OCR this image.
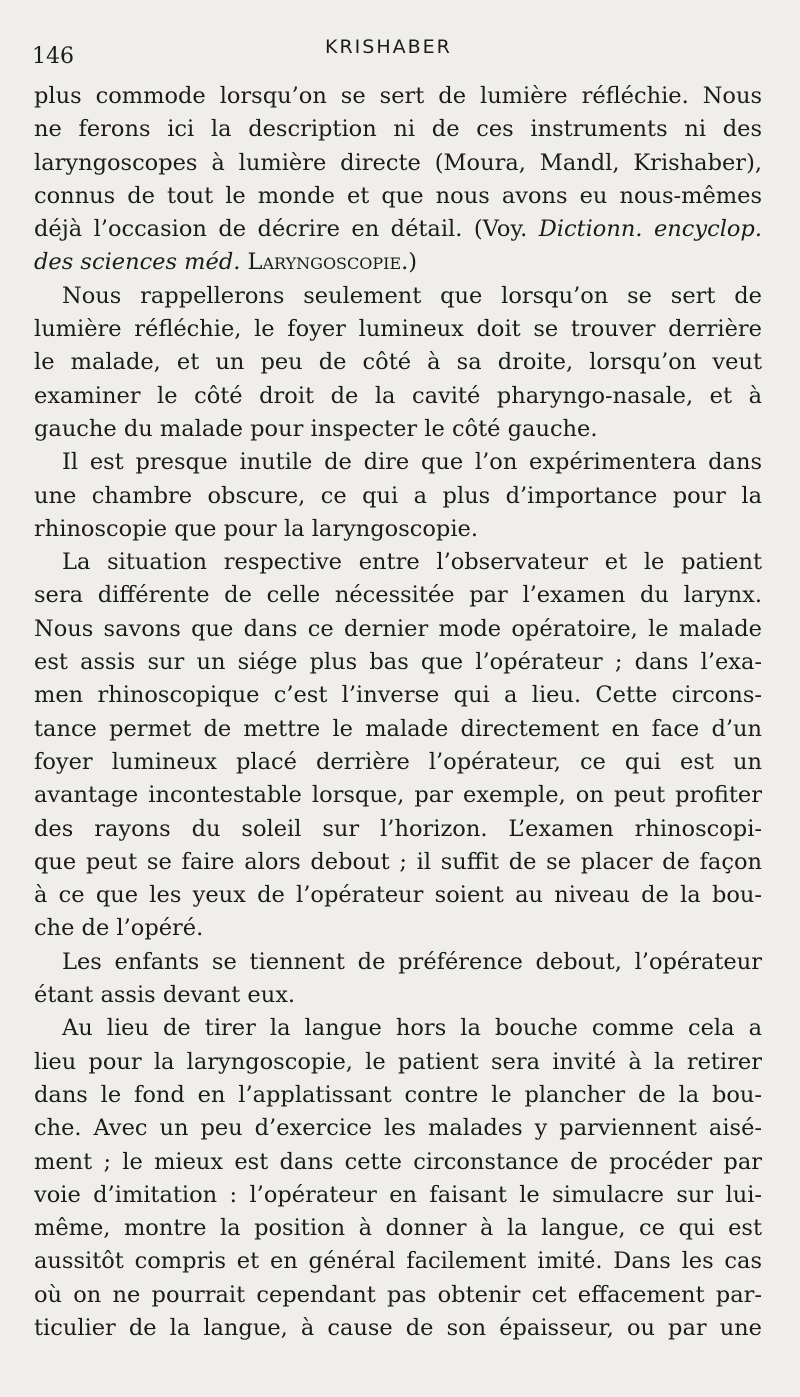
146	KRISHABER
plus commode lorsqu’on se sert de lumière réfléchie. Nous
ne ferons ici la description ni de ces instruments ni des
laryngoscopes à lumière directe (Moura, Mandl, Krishaber),
connus de tout le monde et que nous avons eu nous-mêmes
déjà l’occasion de décrire en détail. (Voy. Dictionn. encyclop.
des sciences méd. Laryngoscopie.)
Nous rappellerons seulement que lorsqu’on se sert de
lumière réfléchie, le foyer lumineux doit se trouver derrière
le malade, et un peu de côté à sa droite, lorsqu’on veut
examiner le côté droit de la cavité pharyngo-nasale, et à
gauche du malade pour inspecter le côté gauche.
Il est presque inutile de dire que l’on expérimentera dans
une chambre obscure, ce qui a plus d’importance pour la
rhinoscopie que pour la laryngoscopie.
La situation respective entre l’observateur et le patient
sera différente de celle nécessitée par l’examen du larynx.
Nous savons que dans ce dernier mode opératoire, le malade
est assis sur un siége plus bas que l’opérateur ; dans l’exa-
men rhinoscopique c’est l’inverse qui a lieu. Cette circons-
tance permet de mettre le malade directement en face d’un
foyer lumineux placé derrière l’opérateur, ce qui est un
avantage incontestable lorsque, par exemple, on peut profiter
des rayons du soleil sur l’horizon. L’examen rhinoscopi-
que peut se faire alors debout ; il suffit de se placer de façon
à ce que les yeux de l’opérateur soient au niveau de la bou-
che de l’opéré.
Les enfants se tiennent de préférence debout, l’opérateur
étant assis devant eux.
Au lieu de tirer la langue hors la bouche comme cela a
lieu pour la laryngoscopie, le patient sera invité à la retirer
dans le fond en l’applatissant contre le plancher de la bou-
che. Avec un peu d’exercice les malades y parviennent aisé-
ment ; le mieux est dans cette circonstance de procéder par
voie d’imitation : l’opérateur en faisant le simulacre sur lui-
même, montre la position à donner à la langue, ce qui est
aussitôt compris et en général facilement imité. Dans les cas
où on ne pourrait cependant pas obtenir cet effacement par-
ticulier de la langue, à cause de son épaisseur, ou par une
